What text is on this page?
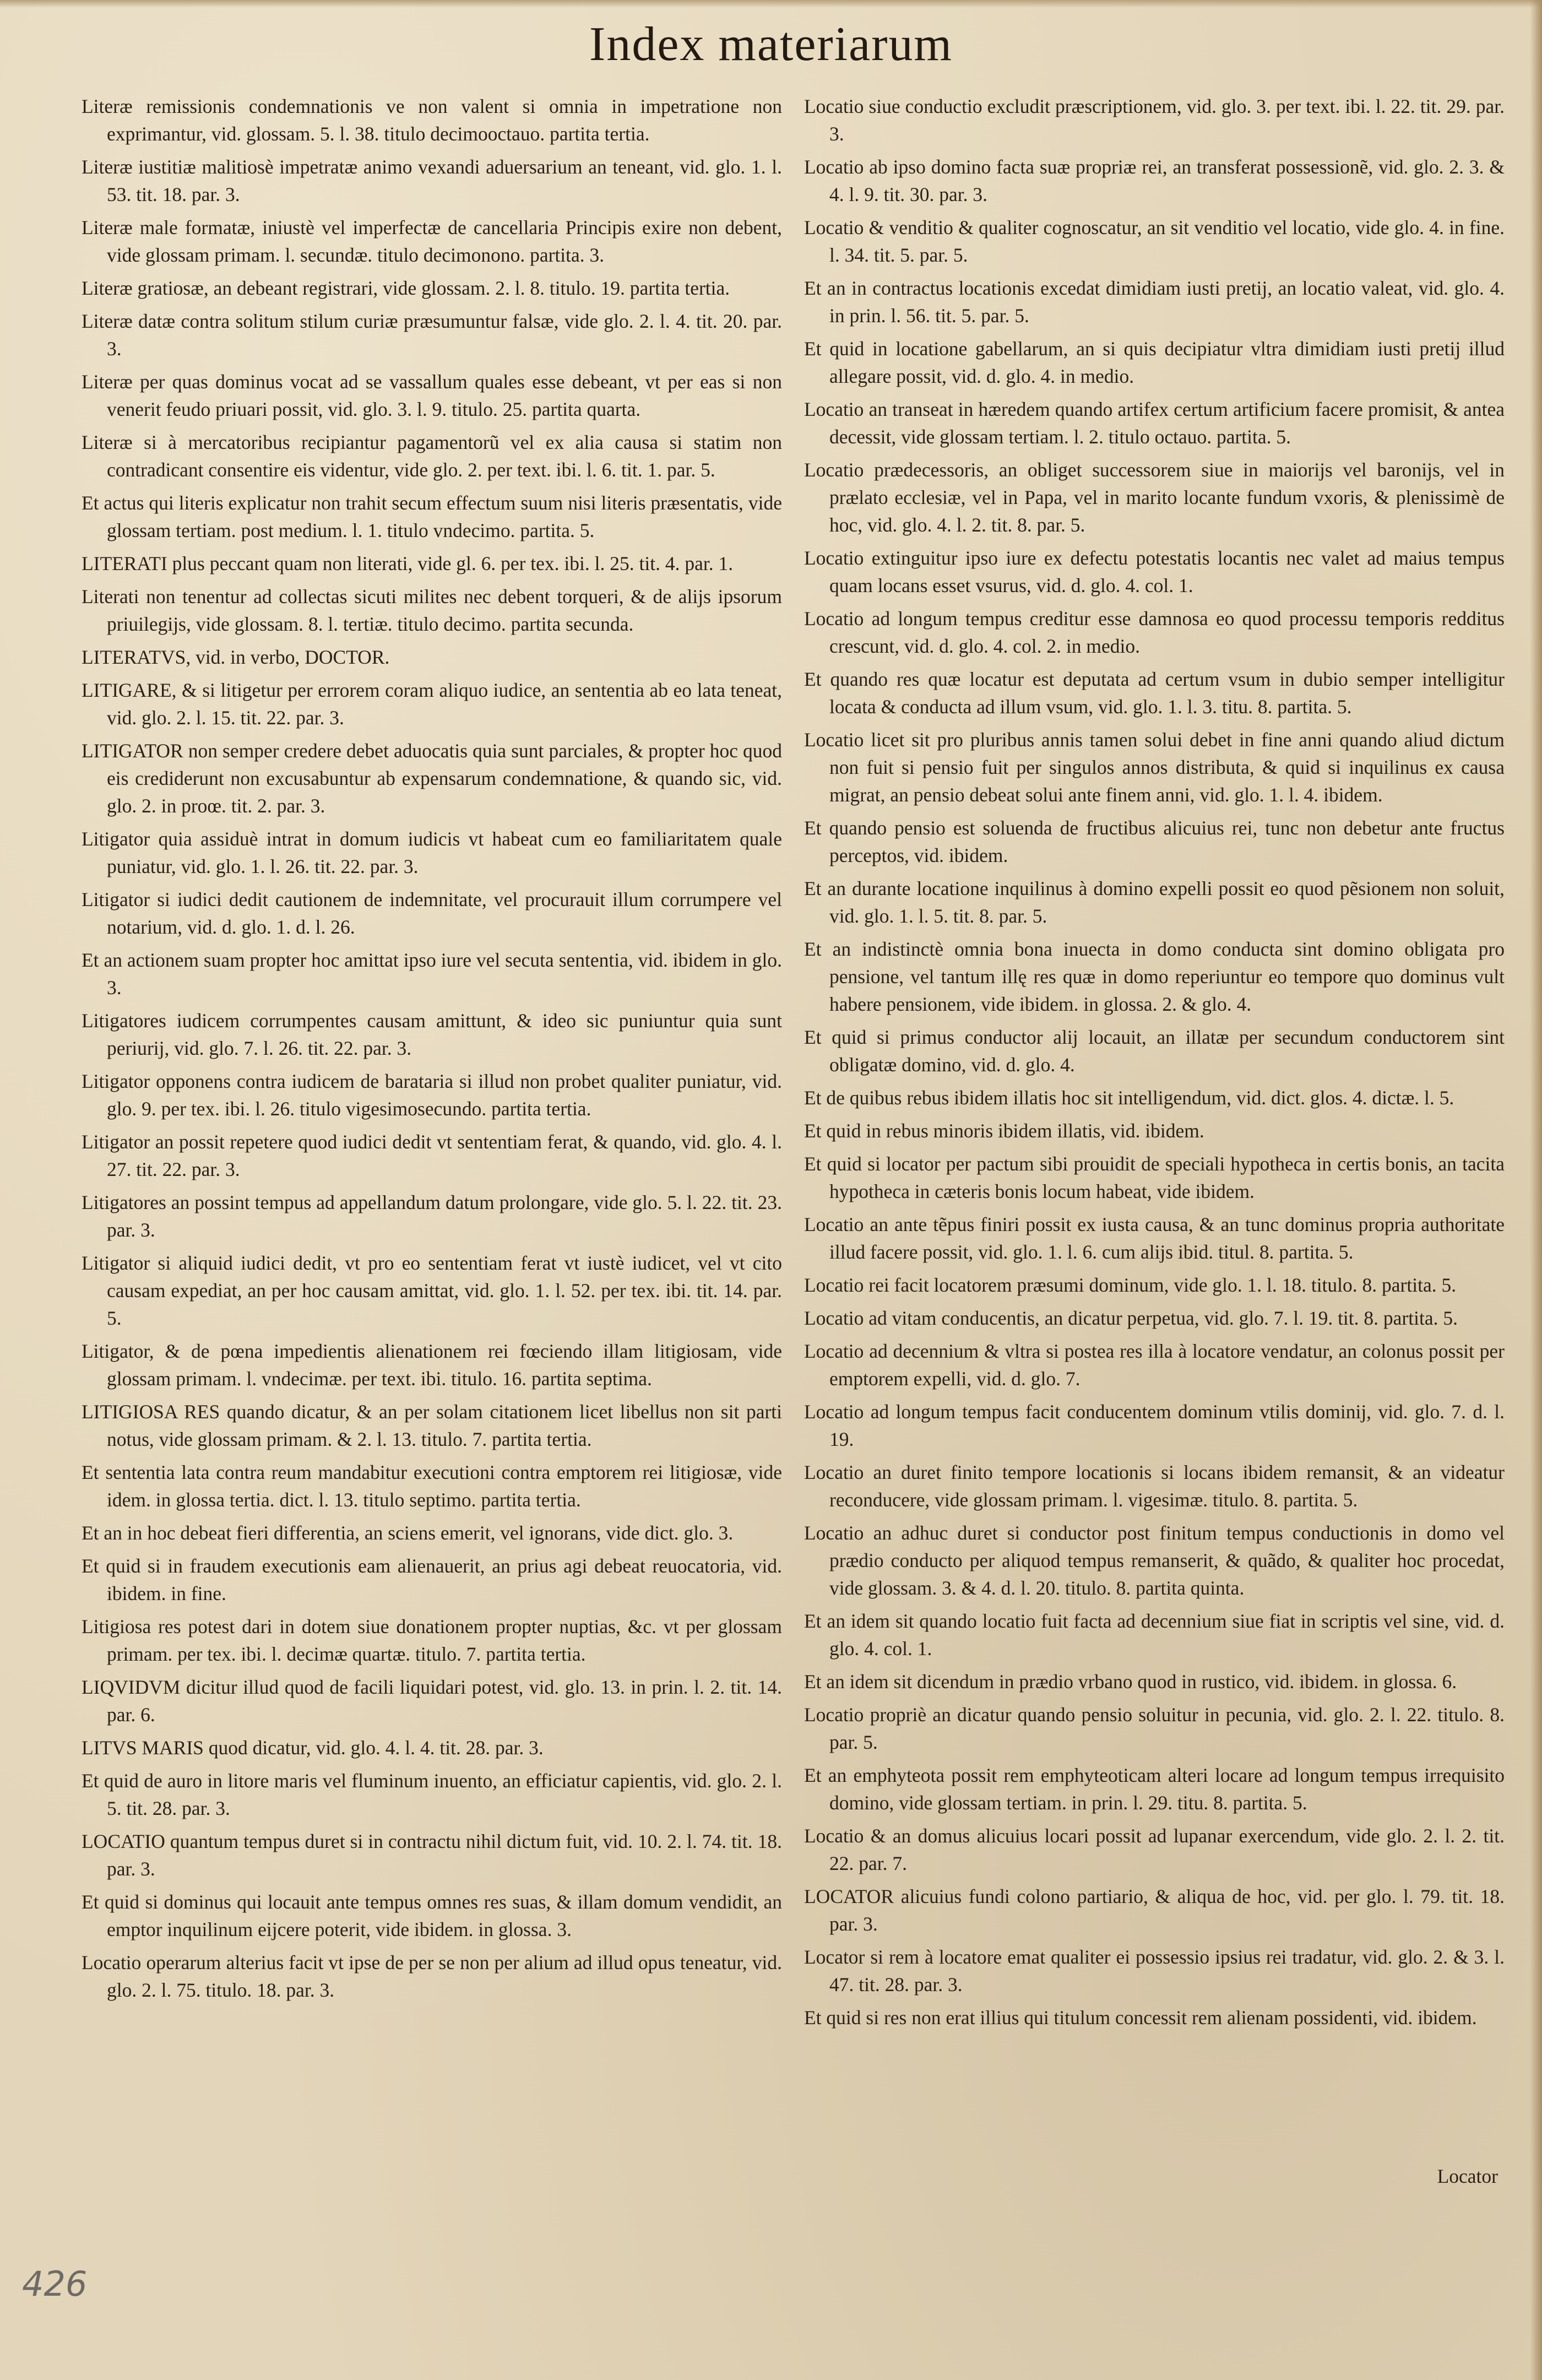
Index materiarum

Literæ remissionis condemnationis ve non valent si omnia in impetratione non exprimantur, vid. glossam. 5. l. 38. titulo decimooctauo. partita tertia.

Literæ iustitiæ malitiosè impetratæ animo vexandi aduersarium an teneant, vid. glo. 1. l. 53. tit. 18. par. 3.

Literæ male formatæ, iniustè vel imperfectæ de cancellaria Principis exire non debent, vide glossam primam. l. secundæ. titulo decimonono. partita. 3.

Literæ gratiosæ, an debeant registrari, vide glossam. 2. l. 8. titulo. 19. partita tertia.

Literæ datæ contra solitum stilum curiæ præsumuntur falsæ, vide glo. 2. l. 4. tit. 20. par. 3.

Literæ per quas dominus vocat ad se vassallum quales esse debeant, vt per eas si non venerit feudo priuari possit, vid. glo. 3. l. 9. titulo. 25. partita quarta.

Literæ si à mercatoribus recipiantur pagamentorũ vel ex alia causa si statim non contradicant consentire eis videntur, vide glo. 2. per text. ibi. l. 6. tit. 1. par. 5.

Et actus qui literis explicatur non trahit secum effectum suum nisi literis præsentatis, vide glossam tertiam. post medium. l. 1. titulo vndecimo. partita. 5.

LITERATI plus peccant quam non literati, vide gl. 6. per tex. ibi. l. 25. tit. 4. par. 1.

Literati non tenentur ad collectas sicuti milites nec debent torqueri, & de alijs ipsorum priuilegijs, vide glossam. 8. l. tertiæ. titulo decimo. partita secunda.

LITERATVS, vid. in verbo, DOCTOR.

LITIGARE, & si litigetur per errorem coram aliquo iudice, an sententia ab eo lata teneat, vid. glo. 2. l. 15. tit. 22. par. 3.

LITIGATOR non semper credere debet aduocatis quia sunt parciales, & propter hoc quod eis crediderunt non excusabuntur ab expensarum condemnatione, & quando sic, vid. glo. 2. in proœ. tit. 2. par. 3.

Litigator quia assiduè intrat in domum iudicis vt habeat cum eo familiaritatem quale puniatur, vid. glo. 1. l. 26. tit. 22. par. 3.

Litigator si iudici dedit cautionem de indemnitate, vel procurauit illum corrumpere vel notarium, vid. d. glo. 1. d. l. 26.

Et an actionem suam propter hoc amittat ipso iure vel secuta sententia, vid. ibidem in glo. 3.

Litigatores iudicem corrumpentes causam amittunt, & ideo sic puniuntur quia sunt periurij, vid. glo. 7. l. 26. tit. 22. par. 3.

Litigator opponens contra iudicem de barataria si illud non probet qualiter puniatur, vid. glo. 9. per tex. ibi. l. 26. titulo vigesimosecundo. partita tertia.

Litigator an possit repetere quod iudici dedit vt sententiam ferat, & quando, vid. glo. 4. l. 27. tit. 22. par. 3.

Litigatores an possint tempus ad appellandum datum prolongare, vide glo. 5. l. 22. tit. 23. par. 3.

Litigator si aliquid iudici dedit, vt pro eo sententiam ferat vt iustè iudicet, vel vt cito causam expediat, an per hoc causam amittat, vid. glo. 1. l. 52. per tex. ibi. tit. 14. par. 5.

Litigator, & de pœna impedientis alienationem rei fœciendo illam litigiosam, vide glossam primam. l. vndecimæ. per text. ibi. titulo. 16. partita septima.

LITIGIOSA RES quando dicatur, & an per solam citationem licet libellus non sit parti notus, vide glossam primam. & 2. l. 13. titulo. 7. partita tertia.

Et sententia lata contra reum mandabitur executioni contra emptorem rei litigiosæ, vide idem. in glossa tertia. dict. l. 13. titulo septimo. partita tertia.

Et an in hoc debeat fieri differentia, an sciens emerit, vel ignorans, vide dict. glo. 3.

Et quid si in fraudem executionis eam alienauerit, an prius agi debeat reuocatoria, vid. ibidem. in fine.

Litigiosa res potest dari in dotem siue donationem propter nuptias, &c. vt per glossam primam. per tex. ibi. l. decimæ quartæ. titulo. 7. partita tertia.

LIQVIDVM dicitur illud quod de facili liquidari potest, vid. glo. 13. in prin. l. 2. tit. 14. par. 6.

LITVS MARIS quod dicatur, vid. glo. 4. l. 4. tit. 28. par. 3.

Et quid de auro in litore maris vel fluminum inuento, an efficiatur capientis, vid. glo. 2. l. 5. tit. 28. par. 3.

LOCATIO quantum tempus duret si in contractu nihil dictum fuit, vid. 10. 2. l. 74. tit. 18. par. 3.

Et quid si dominus qui locauit ante tempus omnes res suas, & illam domum vendidit, an emptor inquilinum eijcere poterit, vide ibidem. in glossa. 3.

Locatio operarum alterius facit vt ipse de per se non per alium ad illud opus teneatur, vid. glo. 2. l. 75. titulo. 18. par. 3.

Locatio siue conductio excludit præscriptionem, vid. glo. 3. per text. ibi. l. 22. tit. 29. par. 3.

Locatio ab ipso domino facta suæ propriæ rei, an transferat possessionẽ, vid. glo. 2. 3. & 4. l. 9. tit. 30. par. 3.

Locatio & venditio & qualiter cognoscatur, an sit venditio vel locatio, vide glo. 4. in fine. l. 34. tit. 5. par. 5.

Et an in contractus locationis excedat dimidiam iusti pretij, an locatio valeat, vid. glo. 4. in prin. l. 56. tit. 5. par. 5.

Et quid in locatione gabellarum, an si quis decipiatur vltra dimidiam iusti pretij illud allegare possit, vid. d. glo. 4. in medio.

Locatio an transeat in hæredem quando artifex certum artificium facere promisit, & antea decessit, vide glossam tertiam. l. 2. titulo octauo. partita. 5.

Locatio prædecessoris, an obliget successorem siue in maiorijs vel baronijs, vel in prælato ecclesiæ, vel in Papa, vel in marito locante fundum vxoris, & plenissimè de hoc, vid. glo. 4. l. 2. tit. 8. par. 5.

Locatio extinguitur ipso iure ex defectu potestatis locantis nec valet ad maius tempus quam locans esset vsurus, vid. d. glo. 4. col. 1.

Locatio ad longum tempus creditur esse damnosa eo quod processu temporis redditus crescunt, vid. d. glo. 4. col. 2. in medio.

Et quando res quæ locatur est deputata ad certum vsum in dubio semper intelligitur locata & conducta ad illum vsum, vid. glo. 1. l. 3. titu. 8. partita. 5.

Locatio licet sit pro pluribus annis tamen solui debet in fine anni quando aliud dictum non fuit si pensio fuit per singulos annos distributa, & quid si inquilinus ex causa migrat, an pensio debeat solui ante finem anni, vid. glo. 1. l. 4. ibidem.

Et quando pensio est soluenda de fructibus alicuius rei, tunc non debetur ante fructus perceptos, vid. ibidem.

Et an durante locatione inquilinus à domino expelli possit eo quod pẽsionem non soluit, vid. glo. 1. l. 5. tit. 8. par. 5.

Et an indistinctè omnia bona inuecta in domo conducta sint domino obligata pro pensione, vel tantum illę res quæ in domo reperiuntur eo tempore quo dominus vult habere pensionem, vide ibidem. in glossa. 2. & glo. 4.

Et quid si primus conductor alij locauit, an illatæ per secundum conductorem sint obligatæ domino, vid. d. glo. 4.

Et de quibus rebus ibidem illatis hoc sit intelligendum, vid. dict. glos. 4. dictæ. l. 5.

Et quid in rebus minoris ibidem illatis, vid. ibidem.

Et quid si locator per pactum sibi prouidit de speciali hypotheca in certis bonis, an tacita hypotheca in cæteris bonis locum habeat, vide ibidem.

Locatio an ante tẽpus finiri possit ex iusta causa, & an tunc dominus propria authoritate illud facere possit, vid. glo. 1. l. 6. cum alijs ibid. titul. 8. partita. 5.

Locatio rei facit locatorem præsumi dominum, vide glo. 1. l. 18. titulo. 8. partita. 5.

Locatio ad vitam conducentis, an dicatur perpetua, vid. glo. 7. l. 19. tit. 8. partita. 5.

Locatio ad decennium & vltra si postea res illa à locatore vendatur, an colonus possit per emptorem expelli, vid. d. glo. 7.

Locatio ad longum tempus facit conducentem dominum vtilis dominij, vid. glo. 7. d. l. 19.

Locatio an duret finito tempore locationis si locans ibidem remansit, & an videatur reconducere, vide glossam primam. l. vigesimæ. titulo. 8. partita. 5.

Locatio an adhuc duret si conductor post finitum tempus conductionis in domo vel prædio conducto per aliquod tempus remanserit, & quãdo, & qualiter hoc procedat, vide glossam. 3. & 4. d. l. 20. titulo. 8. partita quinta.

Et an idem sit quando locatio fuit facta ad decennium siue fiat in scriptis vel sine, vid. d. glo. 4. col. 1.

Et an idem sit dicendum in prædio vrbano quod in rustico, vid. ibidem. in glossa. 6.

Locatio propriè an dicatur quando pensio soluitur in pecunia, vid. glo. 2. l. 22. titulo. 8. par. 5.

Et an emphyteota possit rem emphyteoticam alteri locare ad longum tempus irrequisito domino, vide glossam tertiam. in prin. l. 29. titu. 8. partita. 5.

Locatio & an domus alicuius locari possit ad lupanar exercendum, vide glo. 2. l. 2. tit. 22. par. 7.

LOCATOR alicuius fundi colono partiario, & aliqua de hoc, vid. per glo. l. 79. tit. 18. par. 3.

Locator si rem à locatore emat qualiter ei possessio ipsius rei tradatur, vid. glo. 2. & 3. l. 47. tit. 28. par. 3.

Et quid si res non erat illius qui titulum concessit rem alienam possidenti, vid. ibidem.

Locator
426
